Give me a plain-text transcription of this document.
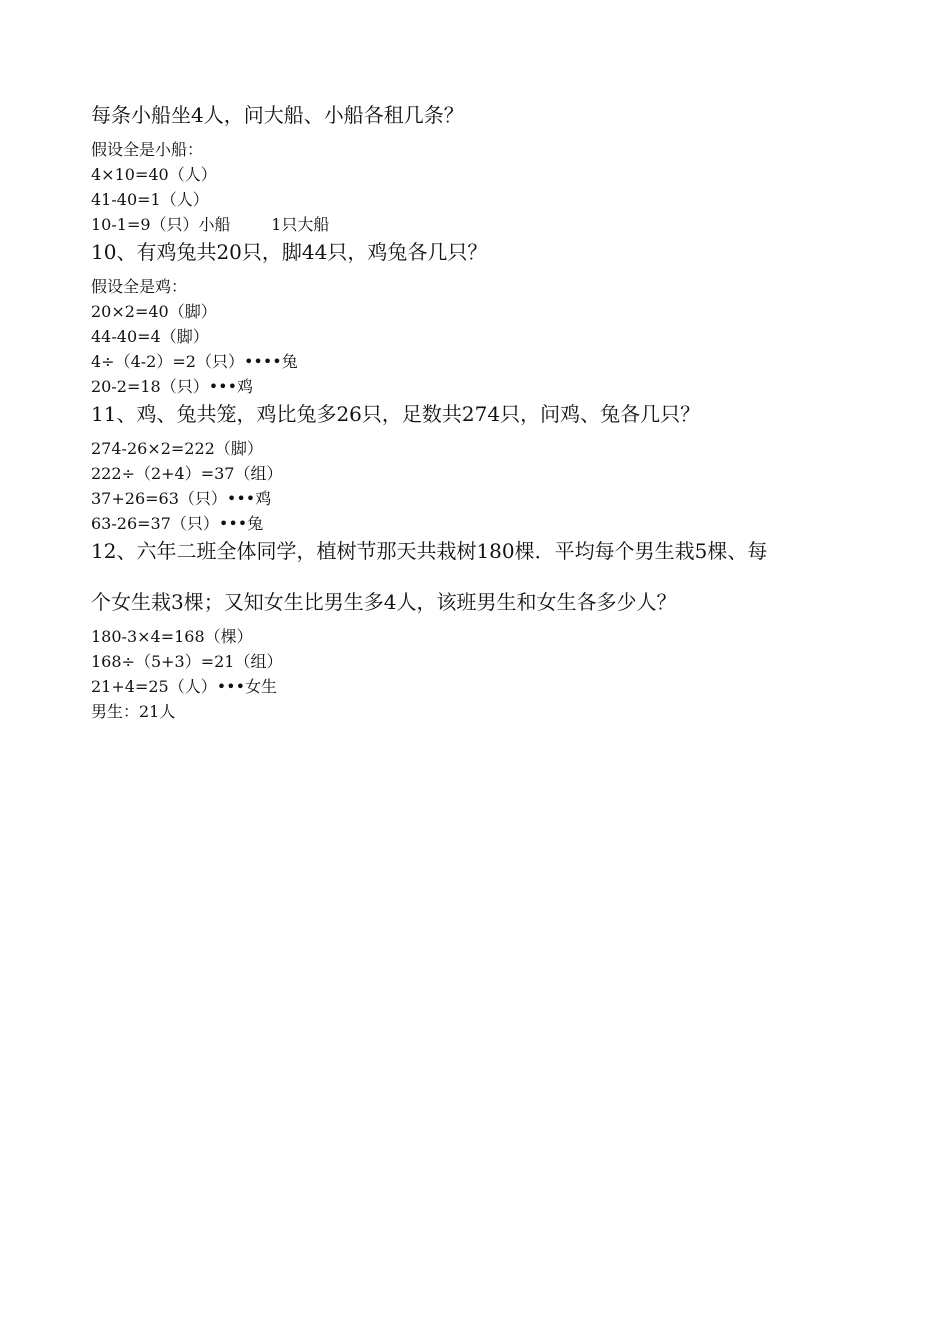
每条小船坐4人，问大船、小船各租几条？

假设全是小船：
4×10=40（人）
41-40=1（人）
10-1=9（只）小船        1只大船

10、有鸡兔共20只，脚44只，鸡兔各几只？

假设全是鸡：
20×2=40（脚）
44-40=4（脚）
4÷（4-2）=2（只）••••兔
20-2=18（只）•••鸡

11、鸡、兔共笼，鸡比兔多26只，足数共274只，问鸡、兔各几只？

274-26×2=222（脚）
222÷（2+4）=37（组）
37+26=63（只）•••鸡
63-26=37（只）•••兔

12、六年二班全体同学，植树节那天共栽树180棵．平均每个男生栽5棵、每

个女生栽3棵；又知女生比男生多4人，该班男生和女生各多少人？

180-3×4=168（棵）
168÷（5+3）=21（组）
21+4=25（人）•••女生
男生：21人
